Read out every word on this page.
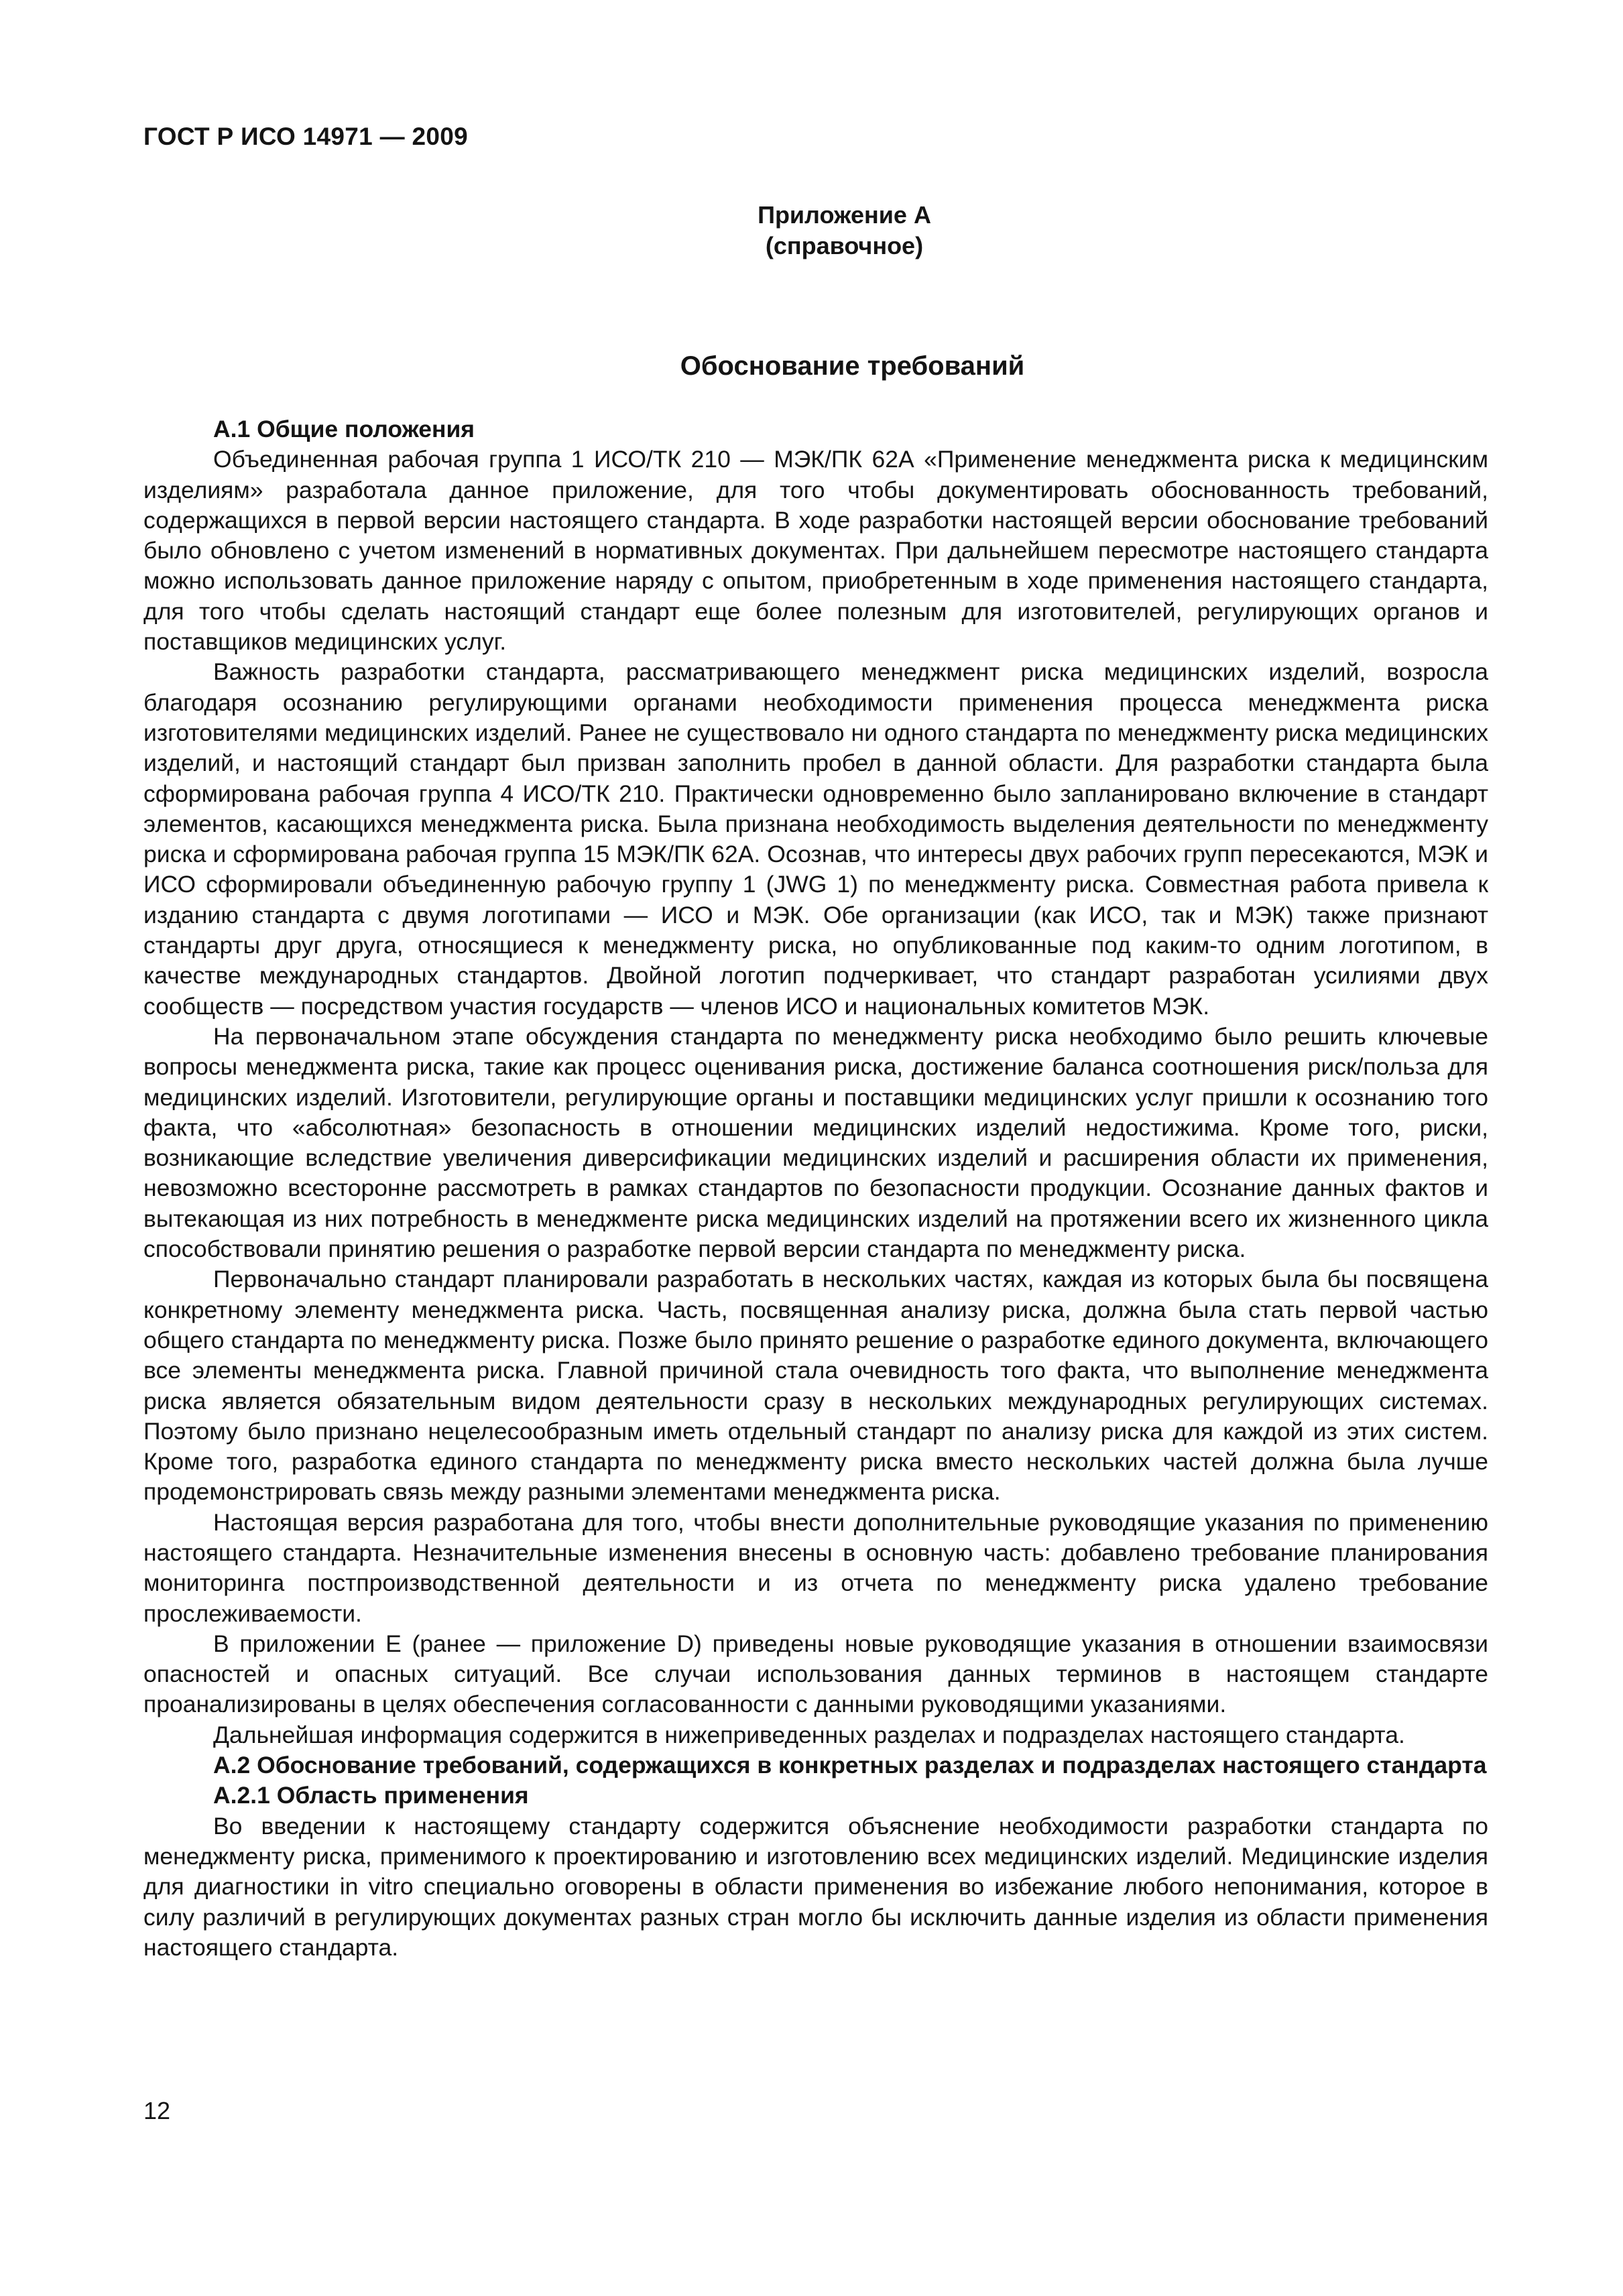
ГОСТ Р ИСО 14971 — 2009
Приложение А
(справочное)
Обоснование требований

А.1 Общие положения

Объединенная рабочая группа 1 ИСО/ТК 210 — МЭК/ПК 62А «Применение менеджмента риска к медицинским изделиям» разработала данное приложение, для того чтобы документировать обоснованность требований, содержащихся в первой версии настоящего стандарта. В ходе разработки настоящей версии обоснование требований было обновлено с учетом изменений в нормативных документах. При дальнейшем пересмотре настоящего стандарта можно использовать данное приложение наряду с опытом, приобретенным в ходе применения настоящего стандарта, для того чтобы сделать настоящий стандарт еще более полезным для изготовителей, регулирующих органов и поставщиков медицинских услуг.

Важность разработки стандарта, рассматривающего менеджмент риска медицинских изделий, возросла благодаря осознанию регулирующими органами необходимости применения процесса менеджмента риска изготовителями медицинских изделий. Ранее не существовало ни одного стандарта по менеджменту риска медицинских изделий, и настоящий стандарт был призван заполнить пробел в данной области. Для разработки стандарта была сформирована рабочая группа 4 ИСО/ТК 210. Практически одновременно было запланировано включение в стандарт элементов, касающихся менеджмента риска. Была признана необходимость выделения деятельности по менеджменту риска и сформирована рабочая группа 15 МЭК/ПК 62А. Осознав, что интересы двух рабочих групп пересекаются, МЭК и ИСО сформировали объединенную рабочую группу 1 (JWG 1) по менеджменту риска. Совместная работа привела к изданию стандарта с двумя логотипами — ИСО и МЭК. Обе организации (как ИСО, так и МЭК) также признают стандарты друг друга, относящиеся к менеджменту риска, но опубликованные под каким-то одним логотипом, в качестве международных стандартов. Двойной логотип подчеркивает, что стандарт разработан усилиями двух сообществ — посредством участия государств — членов ИСО и национальных комитетов МЭК.

На первоначальном этапе обсуждения стандарта по менеджменту риска необходимо было решить ключевые вопросы менеджмента риска, такие как процесс оценивания риска, достижение баланса соотношения риск/польза для медицинских изделий. Изготовители, регулирующие органы и поставщики медицинских услуг пришли к осознанию того факта, что «абсолютная» безопасность в отношении медицинских изделий недостижима. Кроме того, риски, возникающие вследствие увеличения диверсификации медицинских изделий и расширения области их применения, невозможно всесторонне рассмотреть в рамках стандартов по безопасности продукции. Осознание данных фактов и вытекающая из них потребность в менеджменте риска медицинских изделий на протяжении всего их жизненного цикла способствовали принятию решения о разработке первой версии стандарта по менеджменту риска.

Первоначально стандарт планировали разработать в нескольких частях, каждая из которых была бы посвящена конкретному элементу менеджмента риска. Часть, посвященная анализу риска, должна была стать первой частью общего стандарта по менеджменту риска. Позже было принято решение о разработке единого документа, включающего все элементы менеджмента риска. Главной причиной стала очевидность того факта, что выполнение менеджмента риска является обязательным видом деятельности сразу в нескольких международных регулирующих системах. Поэтому было признано нецелесообразным иметь отдельный стандарт по анализу риска для каждой из этих систем. Кроме того, разработка единого стандарта по менеджменту риска вместо нескольких частей должна была лучше продемонстрировать связь между разными элементами менеджмента риска.

Настоящая версия разработана для того, чтобы внести дополнительные руководящие указания по применению настоящего стандарта. Незначительные изменения внесены в основную часть: добавлено требование планирования мониторинга постпроизводственной деятельности и из отчета по менеджменту риска удалено требование прослеживаемости.

В приложении Е (ранее — приложение D) приведены новые руководящие указания в отношении взаимосвязи опасностей и опасных ситуаций. Все случаи использования данных терминов в настоящем стандарте проанализированы в целях обеспечения согласованности с данными руководящими указаниями.

Дальнейшая информация содержится в нижеприведенных разделах и подразделах настоящего стандарта.

А.2 Обоснование требований, содержащихся в конкретных разделах и подразделах настоящего стандарта

А.2.1 Область применения

Во введении к настоящему стандарту содержится объяснение необходимости разработки стандарта по менеджменту риска, применимого к проектированию и изготовлению всех медицинских изделий. Медицинские изделия для диагностики in vitro специально оговорены в области применения во избежание любого непонимания, которое в силу различий в регулирующих документах разных стран могло бы исключить данные изделия из области применения настоящего стандарта.

12
